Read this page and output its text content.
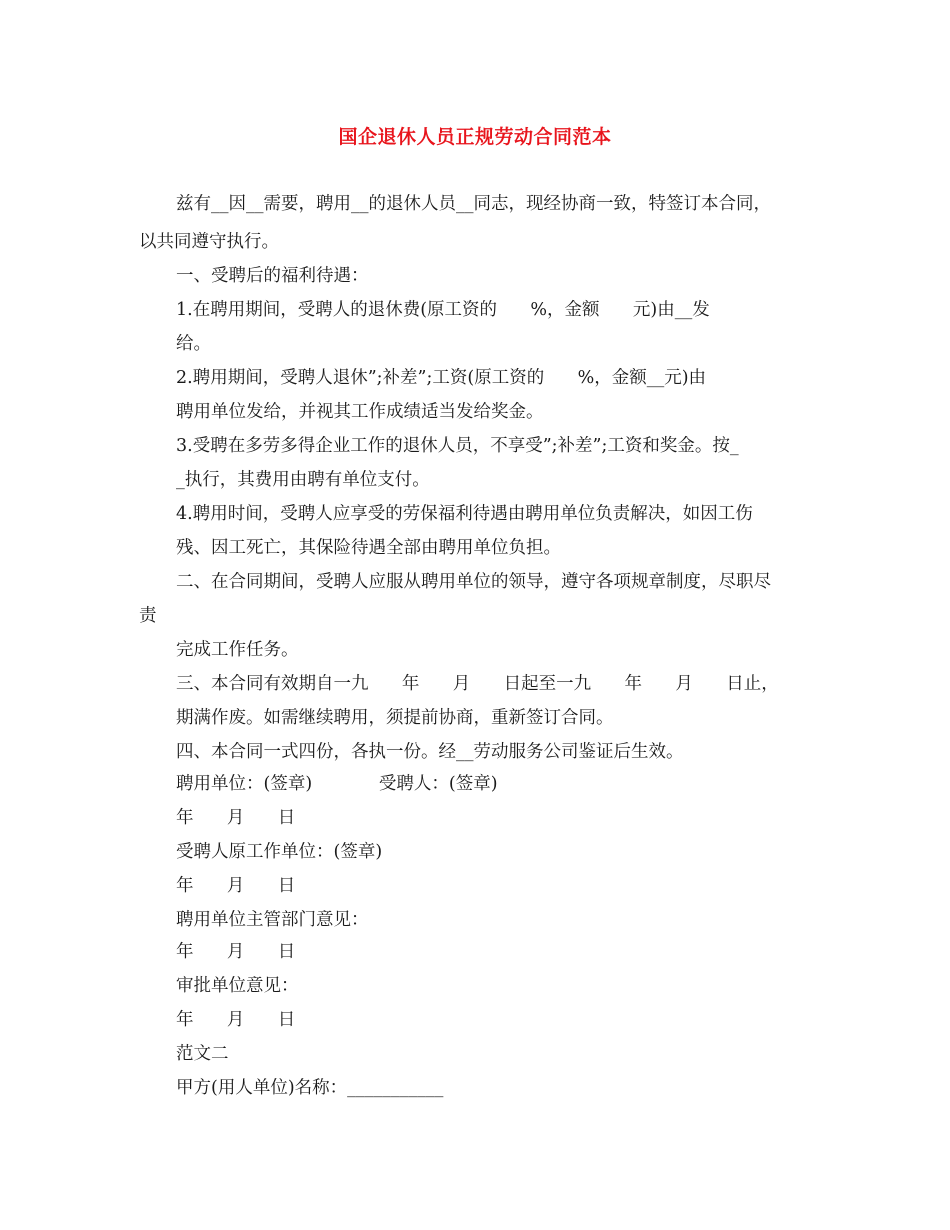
国企退休人员正规劳动合同范本
兹有__因__需要，聘用__的退休人员__同志，现经协商一致，特签订本合同，
以共同遵守执行。
一、受聘后的福利待遇：
1.在聘用期间，受聘人的退休费(原工资的      %，金额      元)由__发
给。
2.聘用期间，受聘人退休”;补差”;工资(原工资的      %，金额__元)由
聘用单位发给，并视其工作成绩适当发给奖金。
3.受聘在多劳多得企业工作的退休人员，不享受”;补差”;工资和奖金。按_
_执行，其费用由聘有单位支付。
4.聘用时间，受聘人应享受的劳保福利待遇由聘用单位负责解决，如因工伤
残、因工死亡，其保险待遇全部由聘用单位负担。
二、在合同期间，受聘人应服从聘用单位的领导，遵守各项规章制度，尽职尽
责
完成工作任务。
三、本合同有效期自一九      年      月      日起至一九      年      月      日止，
期满作废。如需继续聘用，须提前协商，重新签订合同。
四、本合同一式四份，各执一份。经__劳动服务公司鉴证后生效。
聘用单位：(签章)            受聘人：(签章)
年      月      日
受聘人原工作单位：(签章)
年      月      日
聘用单位主管部门意见：
年      月      日
审批单位意见：
年      月      日
范文二
甲方(用人单位)名称：___________
